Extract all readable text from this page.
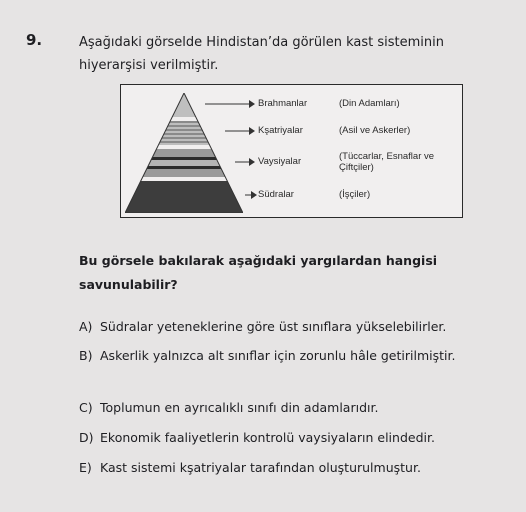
9.	Aşağıdaki görselde Hindistan’da görülen kast sisteminin hiyerarşisi verilmiştir.
Brahmanlar	(Din Adamları)
Kşatriyalar	(Asil ve Askerler)
Vaysiyalar	(Tüccarlar, Esnaflar ve Çiftçiler)
Südralar	(İşçiler)
Bu görsele bakılarak aşağıdaki yargılardan hangisi savunulabilir?
A) Südralar yeteneklerine göre üst sınıflara yükselebilirler.
B) Askerlik yalnızca alt sınıflar için zorunlu hâle getirilmiştir.
C) Toplumun en ayrıcalıklı sınıfı din adamlarıdır.
D) Ekonomik faaliyetlerin kontrolü vaysiyaların elindedir.
E) Kast sistemi kşatriyalar tarafından oluşturulmuştur.
